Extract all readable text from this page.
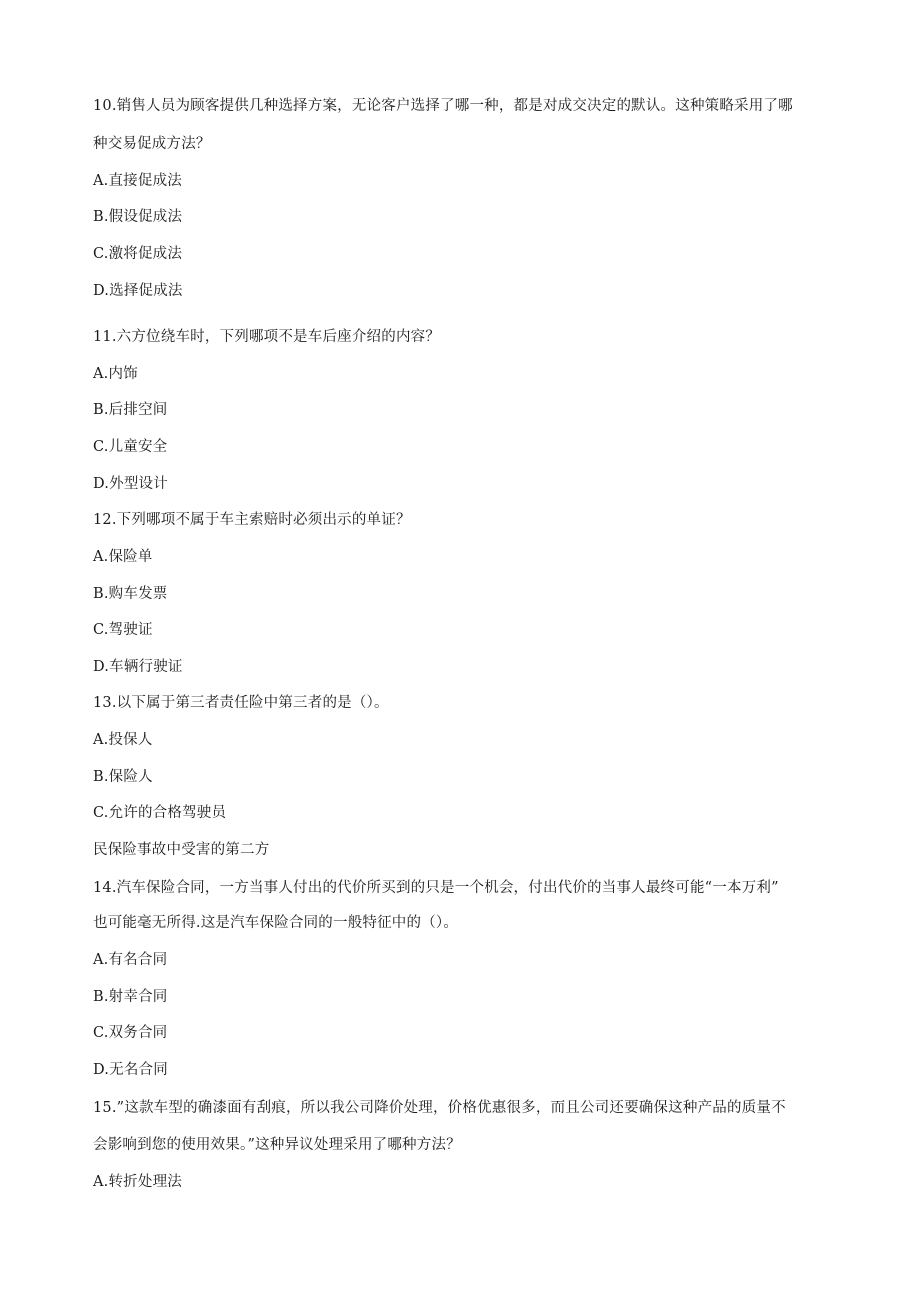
10.销售人员为顾客提供几种选择方案，无论客户选择了哪一种，都是对成交决定的默认。这种策略采用了哪
种交易促成方法？
A.直接促成法
B.假设促成法
C.激将促成法
D.选择促成法
11.六方位绕车时，下列哪项不是车后座介绍的内容？
A.内饰
B.后排空间
C.儿童安全
D.外型设计
12.下列哪项不属于车主索赔时必须出示的单证？
A.保险单
B.购车发票
C.驾驶证
D.车辆行驶证
13.以下属于第三者责任险中第三者的是（）。
A.投保人
B.保险人
C.允许的合格驾驶员
民保险事故中受害的第二方
14.汽车保险合同，一方当事人付出的代价所买到的只是一个机会，付出代价的当事人最终可能“一本万利”
也可能毫无所得.这是汽车保险合同的一般特征中的（）。
A.有名合同
B.射幸合同
C.双务合同
D.无名合同
15.”这款车型的确漆面有刮痕，所以我公司降价处理，价格优惠很多，而且公司还要确保这种产品的质量不
会影响到您的使用效果。”这种异议处理采用了哪种方法？
A.转折处理法
